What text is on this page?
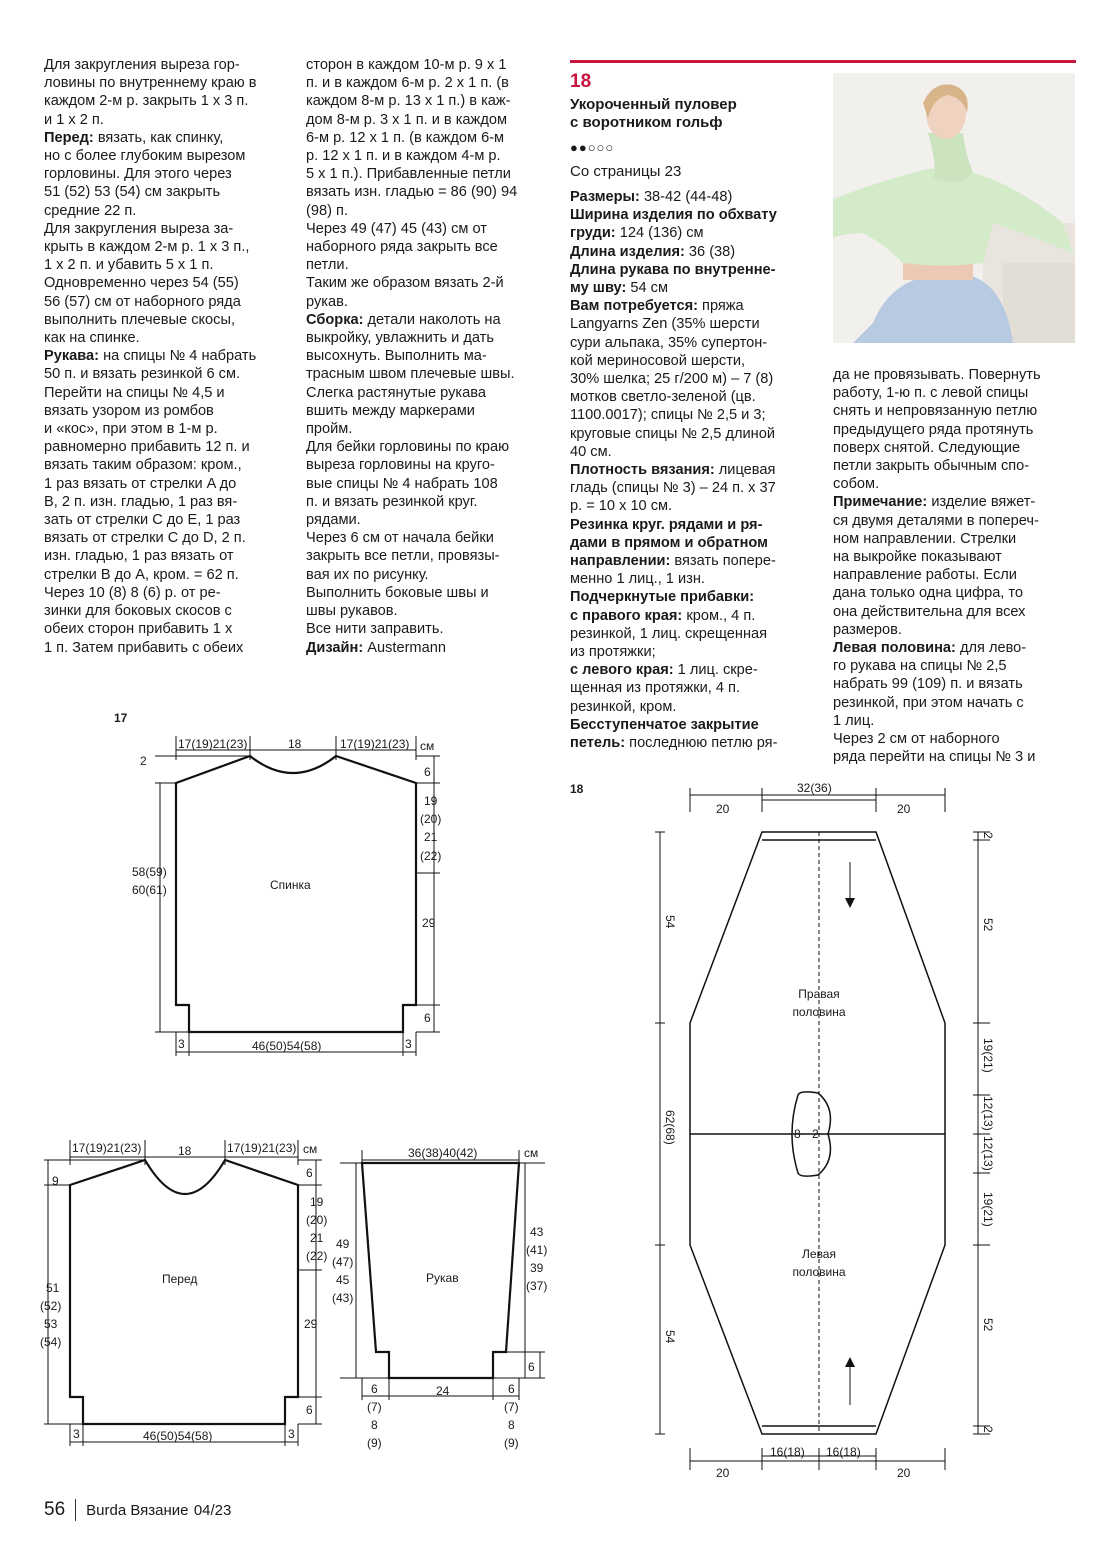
Для закругления выреза гор-
ловины по внутреннему краю в
каждом 2-м р. закрыть 1 х 3 п.
и 1 х 2 п.

Перед: вязать, как спинку,
но с более глубоким вырезом
горловины. Для этого через
51 (52) 53 (54) см закрыть
средние 22 п.
Для закругления выреза за-
крыть в каждом 2-м р. 1 х 3 п.,
1 х 2 п. и убавить 5 х 1 п.
Одновременно через 54 (55)
56 (57) см от наборного ряда
выполнить плечевые скосы,
как на спинке.

Рукава: на спицы № 4 набрать
50 п. и вязать резинкой 6 см.
Перейти на спицы № 4,5 и
вязать узором из ромбов
и «кос», при этом в 1-м р.
равномерно прибавить 12 п. и
вязать таким образом: кром.,
1 раз вязать от стрелки A до
B, 2 п. изн. гладью, 1 раз вя-
зать от стрелки C до E, 1 раз
вязать от стрелки C до D, 2 п.
изн. гладью, 1 раз вязать от
стрелки B до A, кром. = 62 п.
Через 10 (8) 8 (6) р. от ре-
зинки для боковых скосов с
обеих сторон прибавить 1 х
1 п. Затем прибавить с обеих

сторон в каждом 10-м р. 9 х 1
п. и в каждом 6-м р. 2 х 1 п. (в
каждом 8-м р. 13 х 1 п.) в каж-
дом 8-м р. 3 х 1 п. и в каждом
6-м р. 12 х 1 п. (в каждом 6-м
р. 12 х 1 п. и в каждом 4-м р.
5 х 1 п.). Прибавленные петли
вязать изн. гладью = 86 (90) 94
(98) п.
Через 49 (47) 45 (43) см от
наборного ряда закрыть все
петли.
Таким же образом вязать 2-й
рукав.

Сборка: детали наколоть на
выкройку, увлажнить и дать
высохнуть. Выполнить ма-
трасным швом плечевые швы.
Слегка растянутые рукава
вшить между маркерами
пройм.
Для бейки горловины по краю
выреза горловины на круго-
вые спицы № 4 набрать 108
п. и вязать резинкой круг.
рядами.
Через 6 см от начала бейки
закрыть все петли, провязы-
вая их по рисунку.
Выполнить боковые швы и
швы рукавов.
Все нити заправить.

Дизайн: Austermann

18
Укороченный пуловер
с воротником гольф
●●○○○
Со страницы 23

Размеры: 38-42 (44-48)

Ширина изделия по обхвату
груди: 124 (136) см

Длина изделия: 36 (38)

Длина рукава по внутренне-
му шву: 54 см

Вам потребуется: пряжа
Langyarns Zen (35% шерсти
сури альпака, 35% супертон-
кой мериносовой шерсти,
30% шелка; 25 г/200 м) – 7 (8)
мотков светло-зеленой (цв.
1100.0017); спицы № 2,5 и 3;
круговые спицы № 2,5 длиной
40 см.

Плотность вязания: лицевая
гладь (спицы № 3) – 24 п. х 37
р. = 10 х 10 см.

Резинка круг. рядами и ря-
дами в прямом и обратном
направлении: вязать попере-
менно 1 лиц., 1 изн.

Подчеркнутые прибавки:
с правого края: кром., 4 п.
резинкой, 1 лиц. скрещенная
из протяжки;

с левого края: 1 лиц. скре-
щенная из протяжки, 4 п.
резинкой, кром.

Бесступенчатое закрытие
петель: последнюю петлю ря-

да не провязывать. Повернуть
работу, 1-ю п. с левой спицы
снять и непровязанную петлю
предыдущего ряда протянуть
поверх снятой. Следующие
петли закрыть обычным спо-
собом.

Примечание: изделие вяжет-
ся двумя деталями в попереч-
ном направлении. Стрелки
на выкройке показывают
направление работы. Если
дана только одна цифра, то
она действительна для всех
размеров.

Левая половина: для лево-
го рукава на спицы № 2,5
набрать 99 (109) п. и вязать
резинкой, при этом начать с
1 лиц.
Через 2 см от наборного
ряда перейти на спицы № 3 и

17
17(19)21(23)	18	17(19)21(23) см
2
6
19
(20)
21
(22)
29
6
58(59)
60(61)	Спинка
3	46(50)54(58)	3
17(19)21(23)	18	17(19)21(23) см
9
6
19
(20)
21
(22)
29
6
51
(52)
53
(54)
Перед
3	46(50)54(58)	3
36(38)40(42)	см
49
(47)
45
(43)
43
(41)
39
(37)
Рукав
6
24
6
(7)
8
(9)
6
(7)
8
(9)
18	32(36)
20	20
20	20
16(18) 16(18)
54
62(68)
54
2
52
19(21)
12(13)
12(13)
19(21)
52
2
Правая половина
Левая половина
8 2
56 Burda Вязание 04/23
